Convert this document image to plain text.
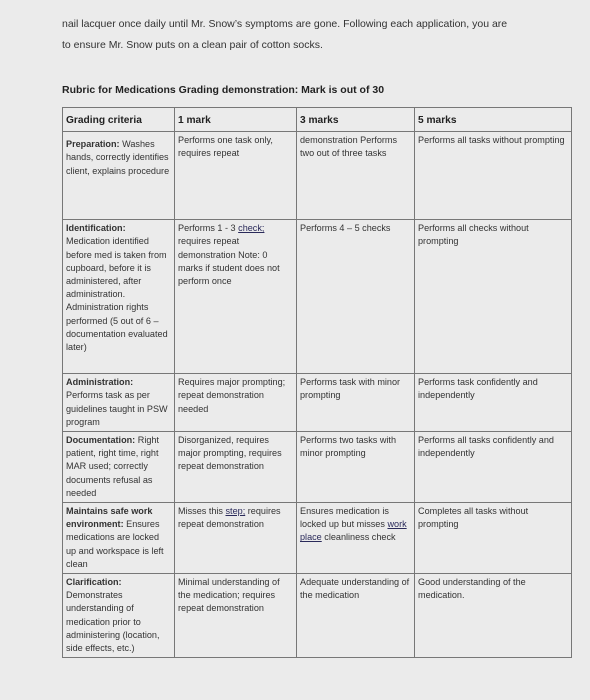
nail lacquer once daily until Mr. Snow’s symptoms are gone. Following each application, you are
to ensure Mr. Snow puts on a clean pair of cotton socks.
Rubric for Medications Grading demonstration: Mark is out of 30
Grading criteria	1 mark	3 marks	5 marks
Preparation: Washes hands, correctly identifies client, explains procedure	Performs one task only, requires repeat	demonstration Performs two out of three tasks	Performs all tasks without prompting
Identification: Medication identified before med is taken from cupboard, before it is administered, after administration. Administration rights performed (5 out of 6 – documentation evaluated later)	Performs 1 - 3 check; requires repeat demonstration Note: 0 marks if student does not perform once	Performs 4 – 5 checks	Performs all checks without prompting
Administration: Performs task as per guidelines taught in PSW program	Requires major prompting; repeat demonstration needed	Performs task with minor prompting	Performs task confidently and independently
Documentation: Right patient, right time, right MAR used; correctly documents refusal as needed	Disorganized, requires major prompting, requires repeat demonstration	Performs two tasks with minor prompting	Performs all tasks confidently and independently
Maintains safe work environment: Ensures medications are locked up and workspace is left clean	Misses this step; requires repeat demonstration	Ensures medication is locked up but misses work place cleanliness check	Completes all tasks without prompting
Clarification: Demonstrates understanding of medication prior to administering (location, side effects, etc.)	Minimal understanding of the medication; requires repeat demonstration	Adequate understanding of the medication	Good understanding of the medication.
